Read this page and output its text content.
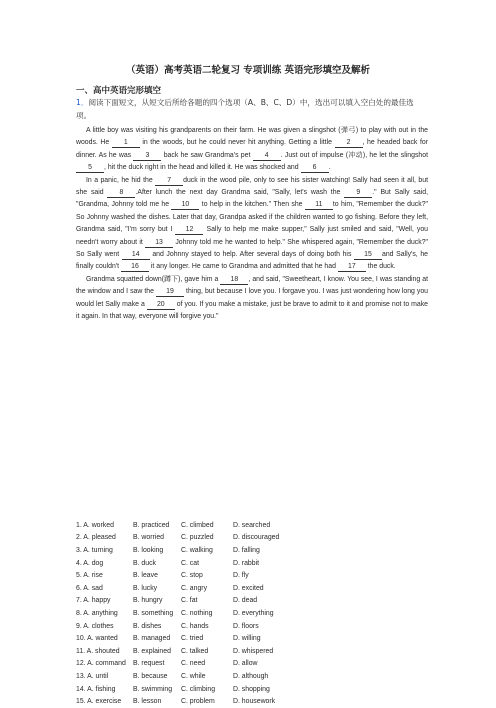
（英语）高考英语二轮复习 专项训练 英语完形填空及解析
一、高中英语完形填空
1．阅读下面短文，从短文后所给各题的四个选项（A、B、C、D）中，选出可以填入空白处的最佳选项。

A little boy was visiting his grandparents on their farm. He was given a slingshot (弹弓) to play with out in the woods. He 1 in the woods, but he could never hit anything. Getting a little 2 , he headed back for dinner. As he was 3 back he saw Grandma's pet 4 . Just out of impulse (冲动), he let the slingshot 5 , hit the duck right in the head and killed it. He was shocked and 6 .

In a panic, he hid the 7 duck in the wood pile, only to see his sister watching! Sally had seen it all, but she said 8 .After lunch the next day Grandma said, "Sally, let's wash the 9 ." But Sally said, "Grandma, Johnny told me he 10 to help in the kitchen." Then she 11 to him, "Remember the duck?" So Johnny washed the dishes. Later that day, Grandpa asked if the children wanted to go fishing. Before they left, Grandma said, "I'm sorry but I 12 Sally to help me make supper," Sally just smiled and said, "Well, you needn't worry about it 13 Johnny told me he wanted to help." She whispered again, "Remember the duck?" So Sally went 14 and Johnny stayed to help. After several days of doing both his 15 and Sally's, he finally couldn't 16 it any longer. He came to Grandma and admitted that he had 17 the duck.

Grandma squatted down(蹲下), gave him a 18 , and said, "Sweetheart, I know. You see, I was standing at the window and I saw the 19 thing, but because I love you. I forgave you. I was just wondering how long you would let Sally make a 20 of you. If you make a mistake, just be brave to admit to it and promise not to make it again. In that way, everyone will forgive you."

1. A. worked	B. practiced	C. climbed	D. searched
2. A. pleased	B. worried	C. puzzled	D. discouraged
3. A. turning	B. looking	C. walking	D. falling
4. A. dog	B. duck	C. cat	D. rabbit
5. A. rise	B. leave	C. stop	D. fly
6. A. sad	B. lucky	C. angry	D. excited
7. A. happy	B. hungry	C. fat	D. dead
8. A. anything	B. something	C. nothing	D. everything
9. A. clothes	B. dishes	C. hands	D. floors
10. A. wanted	B. managed	C. tried	D. willing
11. A. shouted	B. explained	C. talked	D. whispered
12. A. command	B. request	C. need	D. allow
13. A. until	B. because	C. while	D. although
14. A. fishing	B. swimming	C. climbing	D. shopping
15. A. exercise	B. lesson	C. problem	D. housework
